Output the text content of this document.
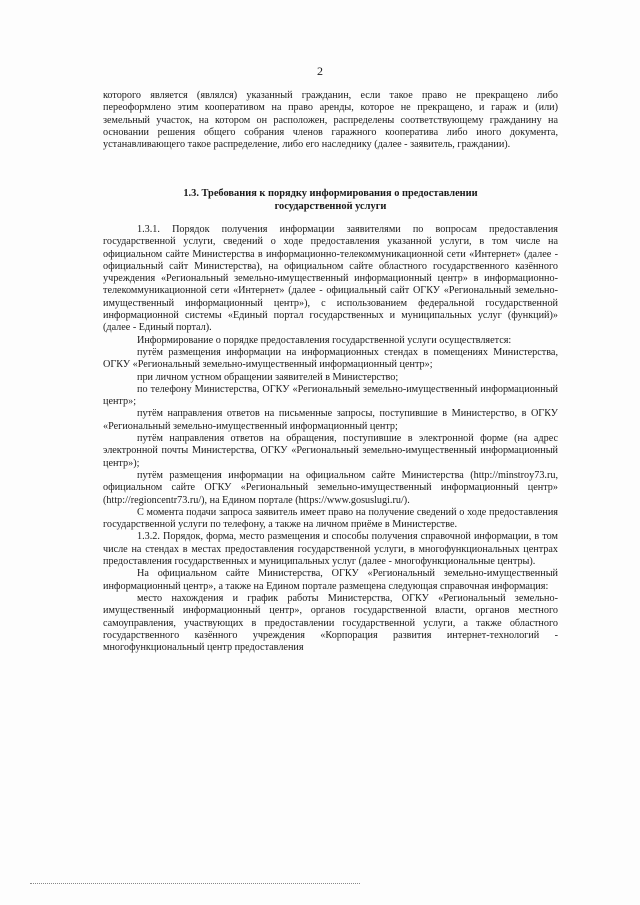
2

которого является (являлся) указанный гражданин, если такое право не прекращено либо переоформлено этим кооперативом на право аренды, которое не прекращено, и гараж и (или) земельный участок, на котором он расположен, распределены соответствующему гражданину на основании решения общего собрания членов гаражного кооператива либо иного документа, устанавливающего такое распределение, либо его наследнику (далее - заявитель, граждании).

1.3. Требования к порядку информирования о предоставлении
государственной услуги

1.3.1. Порядок получения информации заявителями по вопросам предоставления государственной услуги, сведений о ходе предоставления указанной услуги, в том числе на официальном сайте Министерства в информационно-телекоммуникационной сети «Интернет» (далее - официальный сайт Министерства), на официальном сайте областного государственного казённого учреждения «Региональный земельно-имущественный информационный центр» в информационно-телекоммуникационной сети «Интернет» (далее - официальный сайт ОГКУ «Региональный земельно-имущественный информационный центр»), с использованием федеральной государственной информационной системы «Единый портал государственных и муниципальных услуг (функций)» (далее - Единый портал).

Информирование о порядке предоставления государственной услуги осуществляется:

путём размещения информации на информационных стендах в помещениях Министерства, ОГКУ «Региональный земельно-имущественный информационный центр»;

при личном устном обращении заявителей в Министерство;

по телефону Министерства, ОГКУ «Региональный земельно-имущественный информационный центр»;

путём направления ответов на письменные запросы, поступившие в Министерство, в ОГКУ «Региональный земельно-имущественный информационный центр;

путём направления ответов на обращения, поступившие в электронной форме (на адрес электронной почты Министерства, ОГКУ «Региональный земельно-имущественный информационный центр»);

путём размещения информации на официальном сайте Министерства (http://minstroy73.ru, официальном сайте ОГКУ «Региональный земельно-имущественный информационный центр» (http://regioncentr73.ru/), на Едином портале (https://www.gosuslugi.ru/).

С момента подачи запроса заявитель имеет право на получение сведений о ходе предоставления государственной услуги по телефону, а также на личном приёме в Министерстве.

1.3.2. Порядок, форма, место размещения и способы получения справочной информации, в том числе на стендах в местах предоставления государственной услуги, в многофункциональных центрах предоставления государственных и муниципальных услуг (далее - многофункциональные центры).

На официальном сайте Министерства, ОГКУ «Региональный земельно-имущественный информационный центр», а также на Едином портале размещена следующая справочная информация:

место нахождения и график работы Министерства, ОГКУ «Региональный земельно-имущественный информационный центр», органов государственной власти, органов местного самоуправления, участвующих в предоставлении государственной услуги, а также областного государственного казённого учреждения «Корпорация развития интернет-технологий - многофункциональный центр предоставления
